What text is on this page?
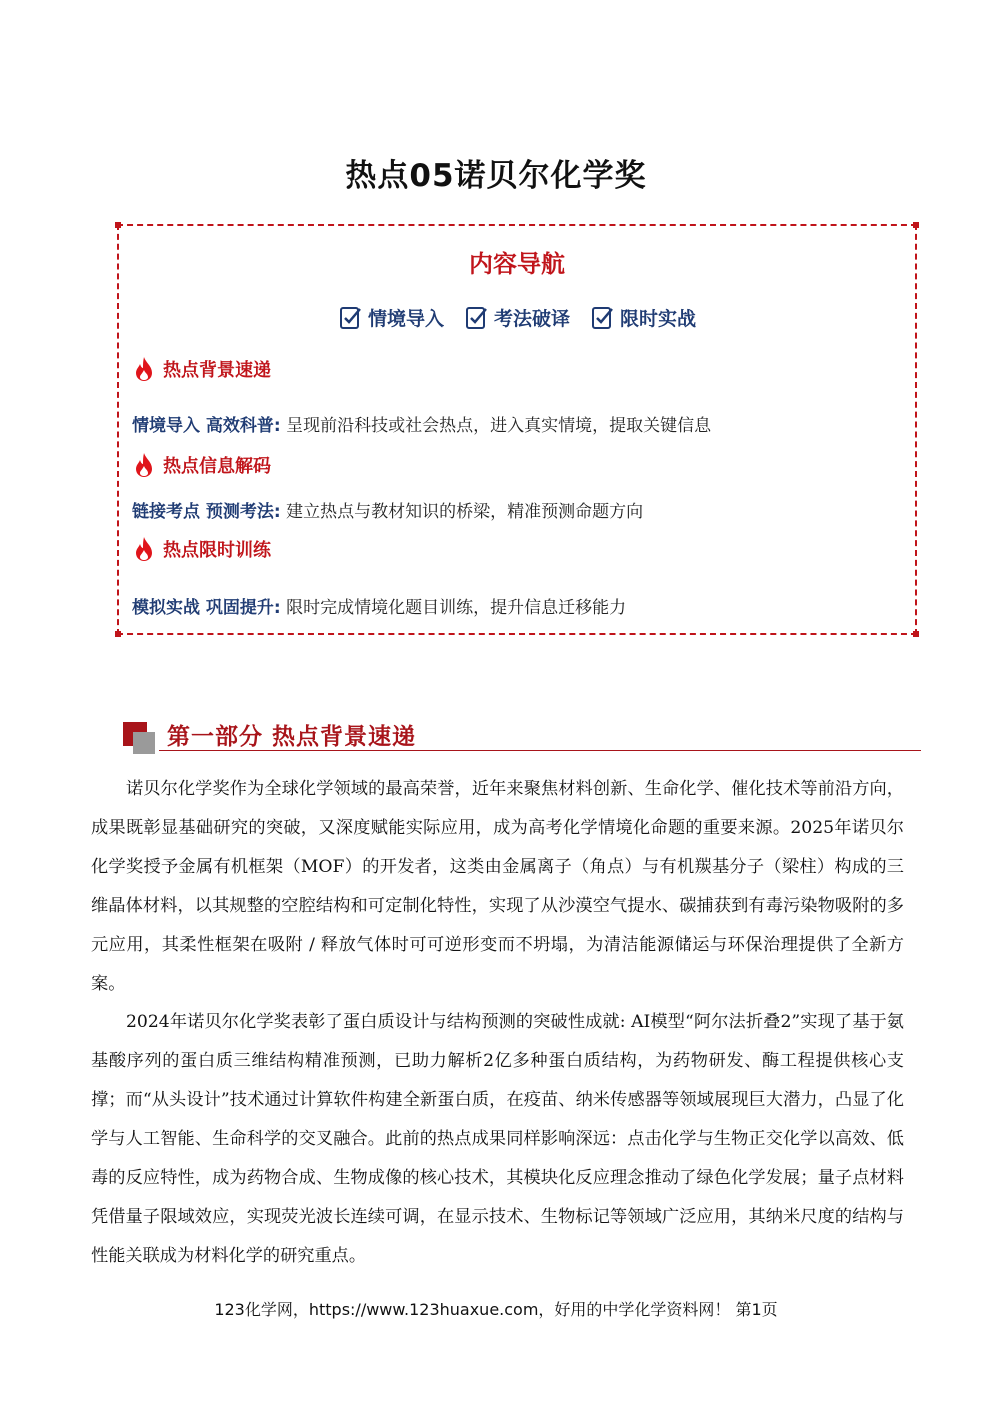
热点05诺贝尔化学奖
内容导航
情境导入	考法破译	限时实战
热点背景速递
情境导入 高效科普: 呈现前沿科技或社会热点，进入真实情境，提取关键信息
热点信息解码
链接考点 预测考法: 建立热点与教材知识的桥梁，精准预测命题方向
热点限时训练
模拟实战 巩固提升: 限时完成情境化题目训练，提升信息迁移能力
第一部分 热点背景速递

诺贝尔化学奖作为全球化学领域的最高荣誉，近年来聚焦材料创新、生命化学、催化技术等前沿方向，成果既彰显基础研究的突破，又深度赋能实际应用，成为高考化学情境化命题的重要来源。2025年诺贝尔化学奖授予金属有机框架（MOF）的开发者，这类由金属离子（角点）与有机羰基分子（梁柱）构成的三维晶体材料，以其规整的空腔结构和可定制化特性，实现了从沙漠空气提水、碳捕获到有毒污染物吸附的多元应用，其柔性框架在吸附 / 释放气体时可可逆形变而不坍塌，为清洁能源储运与环保治理提供了全新方案。

2024年诺贝尔化学奖表彰了蛋白质设计与结构预测的突破性成就: AI模型“阿尔法折叠2”实现了基于氨基酸序列的蛋白质三维结构精准预测，已助力解析2亿多种蛋白质结构，为药物研发、酶工程提供核心支撑；而“从头设计”技术通过计算软件构建全新蛋白质，在疫苗、纳米传感器等领域展现巨大潜力，凸显了化学与人工智能、生命科学的交叉融合。此前的热点成果同样影响深远：点击化学与生物正交化学以高效、低毒的反应特性，成为药物合成、生物成像的核心技术，其模块化反应理念推动了绿色化学发展；量子点材料凭借量子限域效应，实现荧光波长连续可调，在显示技术、生物标记等领域广泛应用，其纳米尺度的结构与性能关联成为材料化学的研究重点。

123化学网，https://www.123huaxue.com，好用的中学化学资料网！ 第1页
